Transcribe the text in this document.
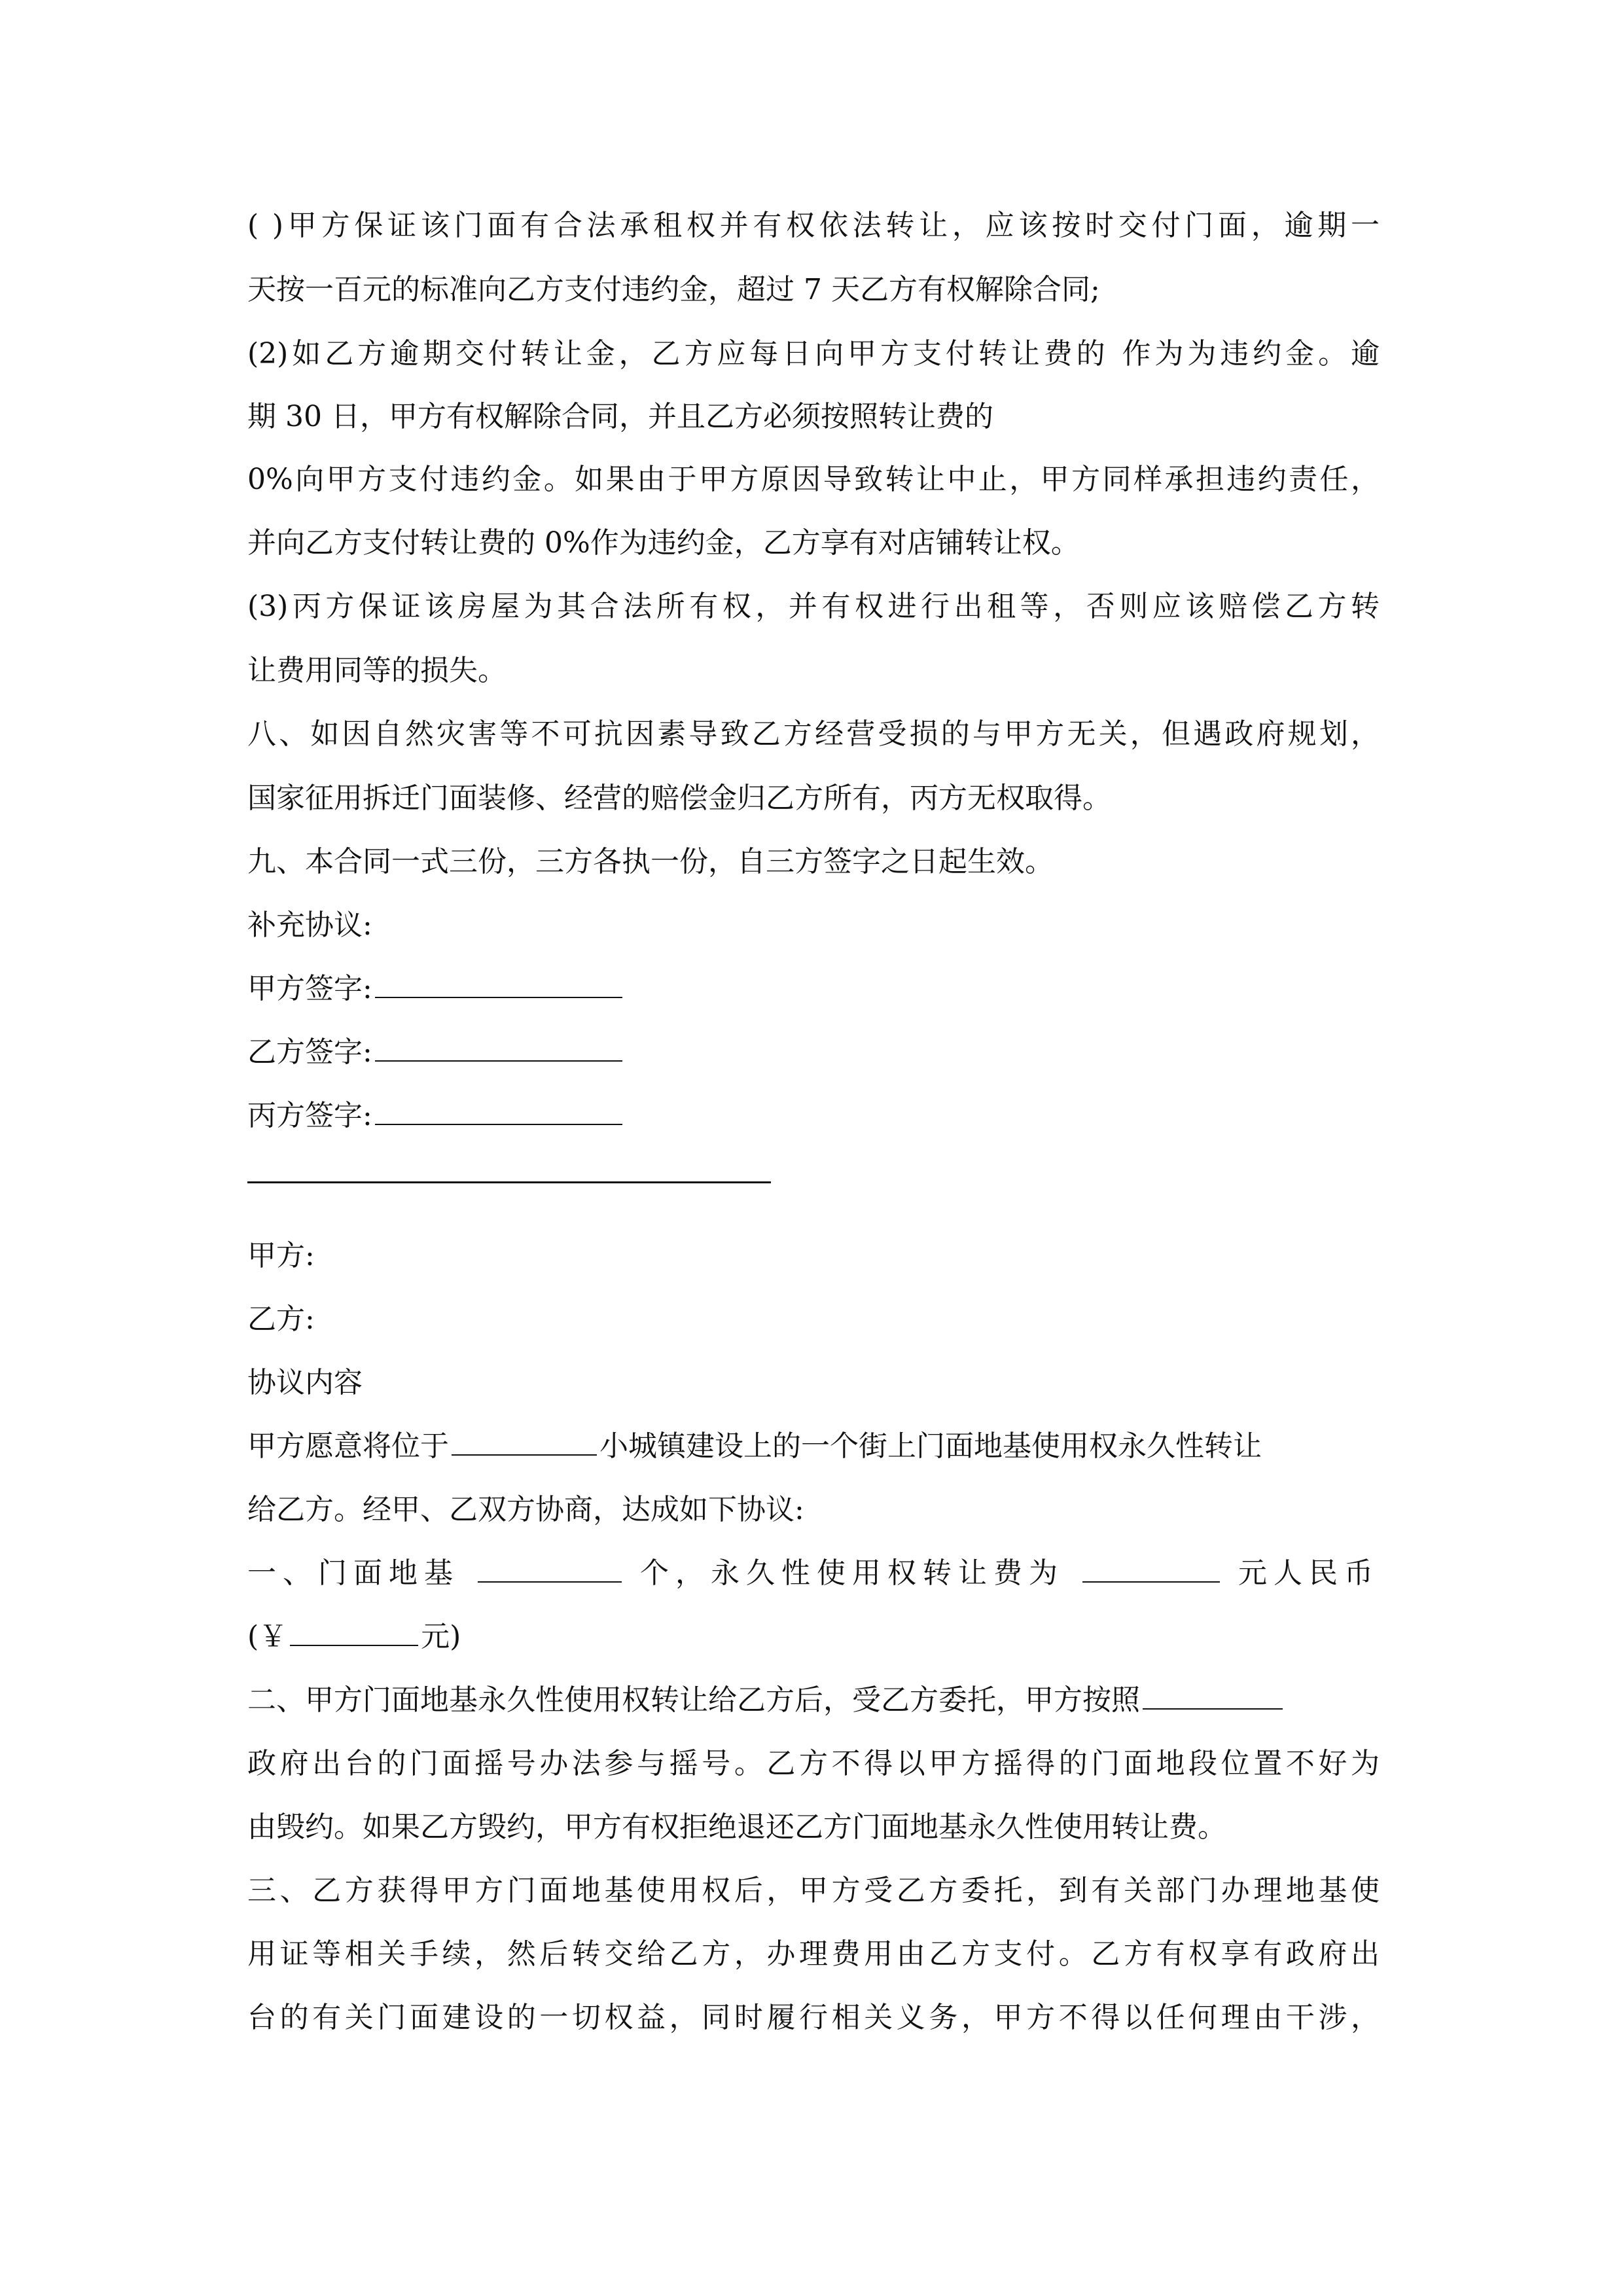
( )甲方保证该门面有合法承租权并有权依法转让，应该按时交付门面，逾期一
天按一百元的标准向乙方支付违约金，超过 7 天乙方有权解除合同;
(2)如乙方逾期交付转让金，乙方应每日向甲方支付转让费的 作为为违约金。逾
期 30 日，甲方有权解除合同，并且乙方必须按照转让费的
0%向甲方支付违约金。如果由于甲方原因导致转让中止，甲方同样承担违约责任，
并向乙方支付转让费的 0%作为违约金，乙方享有对店铺转让权。
(3)丙方保证该房屋为其合法所有权，并有权进行出租等，否则应该赔偿乙方转
让费用同等的损失。
八、如因自然灾害等不可抗因素导致乙方经营受损的与甲方无关，但遇政府规划，
国家征用拆迁门面装修、经营的赔偿金归乙方所有，丙方无权取得。
九、本合同一式三份，三方各执一份，自三方签字之日起生效。
补充协议:
甲方签字:
乙方签字:
丙方签字:
甲方:
乙方:
协议内容
甲方愿意将位于	小城镇建设上的一个街上门面地基使用权永久性转让
给乙方。经甲、乙双方协商，达成如下协议:
一、门面地基	个，永久性使用权转让费为	元人民币
(￥	元)
二、甲方门面地基永久性使用权转让给乙方后，受乙方委托，甲方按照
政府出台的门面摇号办法参与摇号。乙方不得以甲方摇得的门面地段位置不好为
由毁约。如果乙方毁约，甲方有权拒绝退还乙方门面地基永久性使用转让费。
三、乙方获得甲方门面地基使用权后，甲方受乙方委托，到有关部门办理地基使
用证等相关手续，然后转交给乙方，办理费用由乙方支付。乙方有权享有政府出
台的有关门面建设的一切权益，同时履行相关义务，甲方不得以任何理由干涉，
